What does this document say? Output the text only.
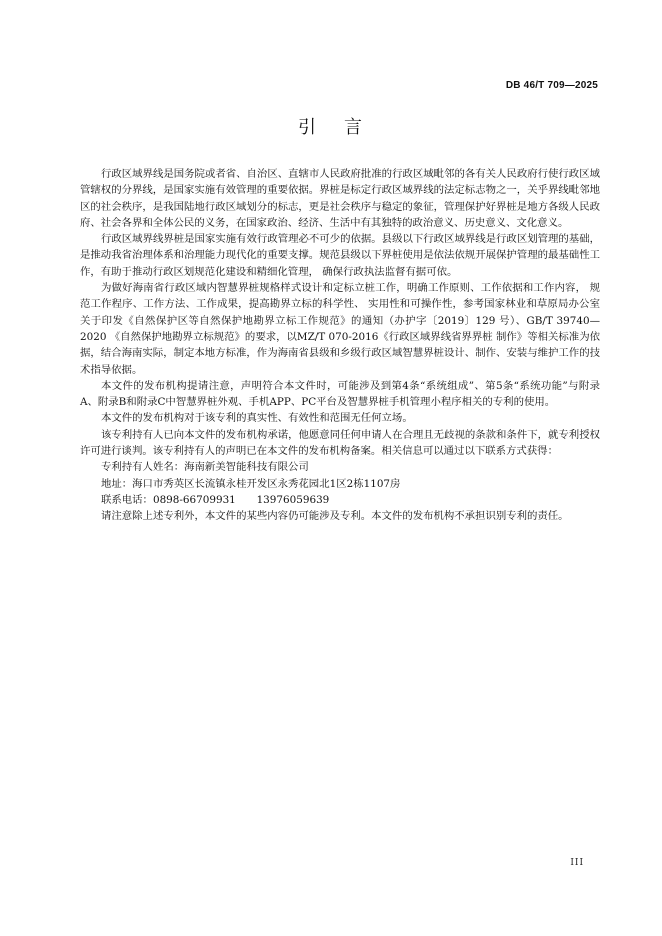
DB 46/T 709—2025
引 言

行政区域界线是国务院或者省、自治区、直辖市人民政府批准的行政区域毗邻的各有关人民政府行使行政区域管辖权的分界线，是国家实施有效管理的重要依据。界桩是标定行政区域界线的法定标志物之一，关乎界线毗邻地区的社会秩序，是我国陆地行政区域划分的标志，更是社会秩序与稳定的象征，管理保护好界桩是地方各级人民政府、社会各界和全体公民的义务，在国家政治、经济、生活中有其独特的政治意义、历史意义、文化意义。

行政区域界线界桩是国家实施有效行政管理必不可少的依据。县级以下行政区域界线是行政区划管理的基础，是推动我省治理体系和治理能力现代化的重要支撑。规范县级以下界桩使用是依法依规开展保护管理的最基础性工作，有助于推动行政区划规范化建设和精细化管理， 确保行政执法监督有据可依。

为做好海南省行政区域内智慧界桩规格样式设计和定标立桩工作，明确工作原则、工作依据和工作内容， 规范工作程序、工作方法、工作成果，提高勘界立标的科学性、 实用性和可操作性，参考国家林业和草原局办公室关于印发《自然保护区等自然保护地勘界立标工作规范》的通知（办护字〔2019〕129 号）、GB/T 39740—2020 《自然保护地勘界立标规范》的要求，以MZ/T 070-2016《行政区域界线省界界桩 制作》等相关标准为依据，结合海南实际，制定本地方标准，作为海南省县级和乡级行政区域智慧界桩设计、制作、安装与维护工作的技术指导依据。

本文件的发布机构提请注意，声明符合本文件时，可能涉及到第4条“系统组成”、第5条“系统功能”与附录A、附录B和附录C中智慧界桩外观、手机APP、PC平台及智慧界桩手机管理小程序相关的专利的使用。

本文件的发布机构对于该专利的真实性、有效性和范围无任何立场。

该专利持有人已向本文件的发布机构承诺，他愿意同任何申请人在合理且无歧视的条款和条件下，就专利授权许可进行谈判。该专利持有人的声明已在本文件的发布机构备案。相关信息可以通过以下联系方式获得：

专利持有人姓名：海南新美智能科技有限公司

地址：海口市秀英区长流镇永桂开发区永秀花园北1区2栋1107房

联系电话：0898-66709931　　13976059639

请注意除上述专利外，本文件的某些内容仍可能涉及专利。本文件的发布机构不承担识别专利的责任。

III
